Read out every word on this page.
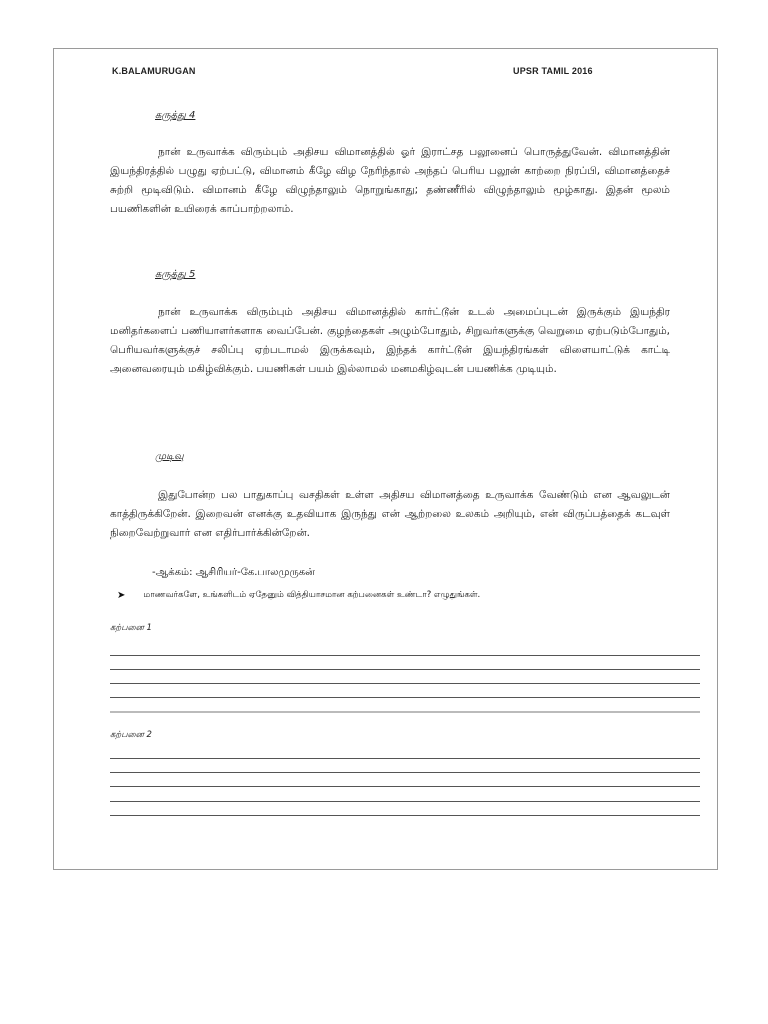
K.BALAMURUGAN	UPSR TAMIL 2016
கருத்து 4

நான் உருவாக்க விரும்பும் அதிசய விமானத்தில் ஓர் இராட்சத பலூனைப் பொருத்துவேன். விமானத்தின் இயந்திரத்தில் பழுது ஏற்பட்டு, விமானம் கீழே விழ நேரிந்தால் அந்தப் பெரிய பலூன் காற்றை நிரப்பி, விமானத்தைச் சுற்றி மூடிவிடும். விமானம் கீழே விழுந்தாலும் நொறுங்காது; தண்ணீரில் விழுந்தாலும் மூழ்காது. இதன் மூலம் பயணிகளின் உயிரைக் காப்பாற்றலாம்.

கருத்து 5

நான் உருவாக்க விரும்பும் அதிசய விமானத்தில் கார்ட்டூன் உடல் அமைப்புடன் இருக்கும் இயந்திர மனிதர்களைப் பணியாளர்களாக வைப்பேன். குழந்தைகள் அழும்போதும், சிறுவர்களுக்கு வெறுமை ஏற்படும்போதும், பெரியவர்களுக்குச் சலிப்பு ஏற்படாமல் இருக்கவும், இந்தக் கார்ட்டூன் இயந்திரங்கள் விளையாட்டுக் காட்டி அனைவரையும் மகிழ்விக்கும். பயணிகள் பயம் இல்லாமல் மனமகிழ்வுடன் பயணிக்க முடியும்.

முடிவு

இதுபோன்ற பல பாதுகாப்பு வசதிகள் உள்ள அதிசய விமானத்தை உருவாக்க வேண்டும் என ஆவலுடன் காத்திருக்கிறேன். இறைவன் எனக்கு உதவியாக இருந்து என் ஆற்றலை உலகம் அறியும், என் விருப்பத்தைக் கடவுள் நிறைவேற்றுவார் என எதிர்பார்க்கின்றேன்.

-ஆக்கம்: ஆசிரியர்-கே.பாலமுருகன்
➤ மாணவர்களே, உங்களிடம் ஏதேனும் வித்தியாசமான கற்பனைகள் உண்டா? எழுதுங்கள்.
கற்பனை 1
கற்பனை 2
